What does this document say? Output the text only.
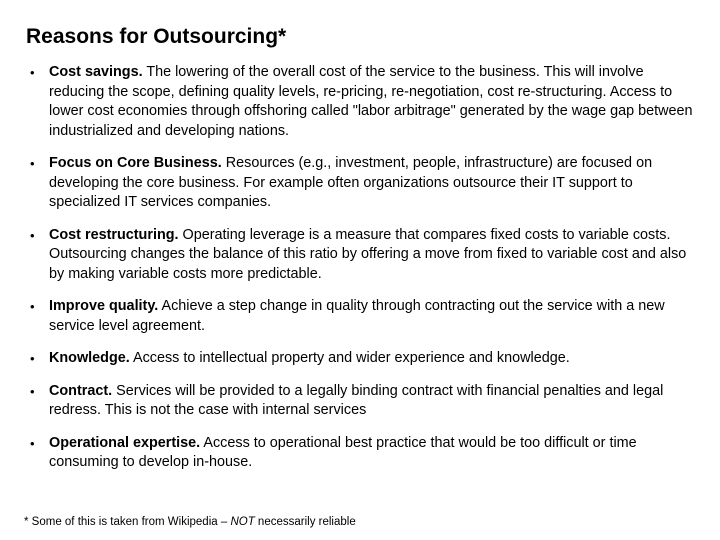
Reasons for Outsourcing*
• Cost savings. The lowering of the overall cost of the service to the business. This will involve reducing the scope, defining quality levels, re-pricing, re-negotiation, cost re-structuring. Access to lower cost economies through offshoring called "labor arbitrage" generated by the wage gap between industrialized and developing nations.
• Focus on Core Business. Resources (e.g., investment, people, infrastructure) are focused on developing the core business. For example often organizations outsource their IT support to specialized IT services companies.
• Cost restructuring. Operating leverage is a measure that compares fixed costs to variable costs. Outsourcing changes the balance of this ratio by offering a move from fixed to variable cost and also by making variable costs more predictable.
• Improve quality. Achieve a step change in quality through contracting out the service with a new service level agreement.
• Knowledge. Access to intellectual property and wider experience and knowledge.
• Contract. Services will be provided to a legally binding contract with financial penalties and legal redress. This is not the case with internal services
• Operational expertise. Access to operational best practice that would be too difficult or time consuming to develop in-house.

* Some of this is taken from Wikipedia – NOT necessarily reliable
